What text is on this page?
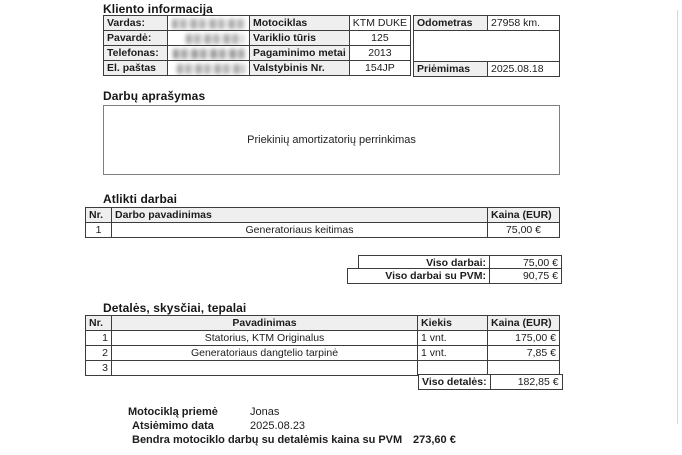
Kliento informacija
Vardas:		Motociklas	KTM DUKE
Pavardė:		Variklio tūris	125
Telefonas:		Pagaminimo metai	2013
El. paštas		Valstybinis Nr.	154JP
Odometras	27958 km.

Priėmimas	2025.08.18
Darbų aprašymas
Priekinių amortizatorių perrinkimas
Atlikti darbai
Nr.	Darbo pavadinimas	Kaina (EUR)
1	Generatoriaus keitimas	75,00 €
Viso darbai:	75,00 €
Viso darbai su PVM:	90,75 €
Detalės, skysčiai, tepalai
Nr.	Pavadinimas	Kiekis	Kaina (EUR)
1	Statorius, KTM Originalus	1 vnt.	175,00 €
2	Generatoriaus dangtelio tarpinė	1 vnt.	7,85 €
3			
Viso detalės:	182,85 €
Motociklą priemė	Jonas
Atsiėmimo data	2025.08.23
Bendra motociklo darbų su detalėmis kaina su PVM 273,60 €
